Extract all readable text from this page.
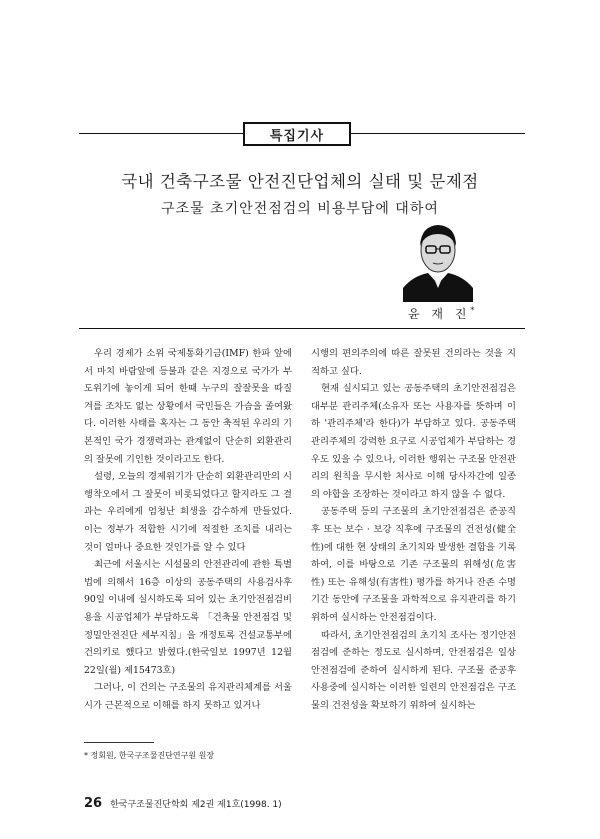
특집기사
국내 건축구조물 안전진단업체의 실태 및 문제점
구조물 초기안전점검의 비용부담에 대하여
윤 재 진*

우리 경제가 소위 국제통화기금(IMF) 한파 앞에 서 마치 바람앞에 등불과 같은 지경으로 국가가 부도위기에 놓이게 되어 한때 누구의 잘잘못을 따질 겨를 조차도 없는 상황에서 국민들은 가슴을 졸여왔다. 이러한 사태를 혹자는 그 동안 축적된 우리의 기본적인 국가 경쟁력과는 관계없이 단순히 외환관리의 잘못에 기인한 것이라고도 한다.

설령, 오늘의 경제위기가 단순히 외환관리만의 시행착오에서 그 잘못이 비롯되었다고 할지라도 그 결과는 우리에게 엄청난 희생을 감수하게 만들었다. 이는 정부가 적합한 시기에 적절한 조치를 내리는 것이 얼마나 중요한 것인가를 알 수 있다

최근에 서울시는 시설물의 안전관리에 관한 특별법에 의해서 16층 이상의 공동주택의 사용검사후 90일 이내에 실시하도록 되어 있는 초기안전점검비용을 시공업체가 부담하도록 「건축물 안전점검 및 정밀안전진단 세부지침」을 개정토록 건설교통부에 건의키로 했다고 밝혔다.(한국일보 1997년 12월 22일(월) 제15473호)

그러나, 이 건의는 구조물의 유지관리체계를 서울시가 근본적으로 이해를 하지 못하고 있거나

시행의 편의주의에 따른 잘못된 건의라는 것을 지적하고 싶다.

현재 실시되고 있는 공동주택의 초기안전점검은 대부분 관리주체(소유자 또는 사용자를 뜻하며 이하 '관리주체'라 한다)가 부담하고 있다. 공동주택 관리주체의 강력한 요구로 시공업체가 부담하는 경우도 있을 수 있으나, 이러한 행위는 구조물 안전관리의 원칙을 무시한 처사로 이해 당사자간에 일종의 야합을 조장하는 것이라고 하지 않을 수 없다.

공동주택 등의 구조물의 초기안전점검은 준공직후 또는 보수 · 보강 직후에 구조물의 건전성(健全性)에 대한 현 상태의 초기치와 발생한 결함을 기록하여, 이를 바탕으로 기존 구조물의 위해성(危害性) 또는 유해성(有害性) 평가를 하거나 잔존 수명기간 동안에 구조물을 과학적으로 유지관리를 하기 위하여 실시하는 안전점검이다.

따라서, 초기안전점검의 초기치 조사는 정기안전점검에 준하는 정도로 실시하며, 안전점검은 일상안전점검에 준하여 실시하게 된다. 구조물 준공후 사용중에 실시하는 이러한 일련의 안전점검은 구조물의 건전성을 확보하기 위하여 실시하는

* 정회원, 한국구조물진단연구원 원장
26 한국구조물진단학회 제2권 제1호(1998. 1)
